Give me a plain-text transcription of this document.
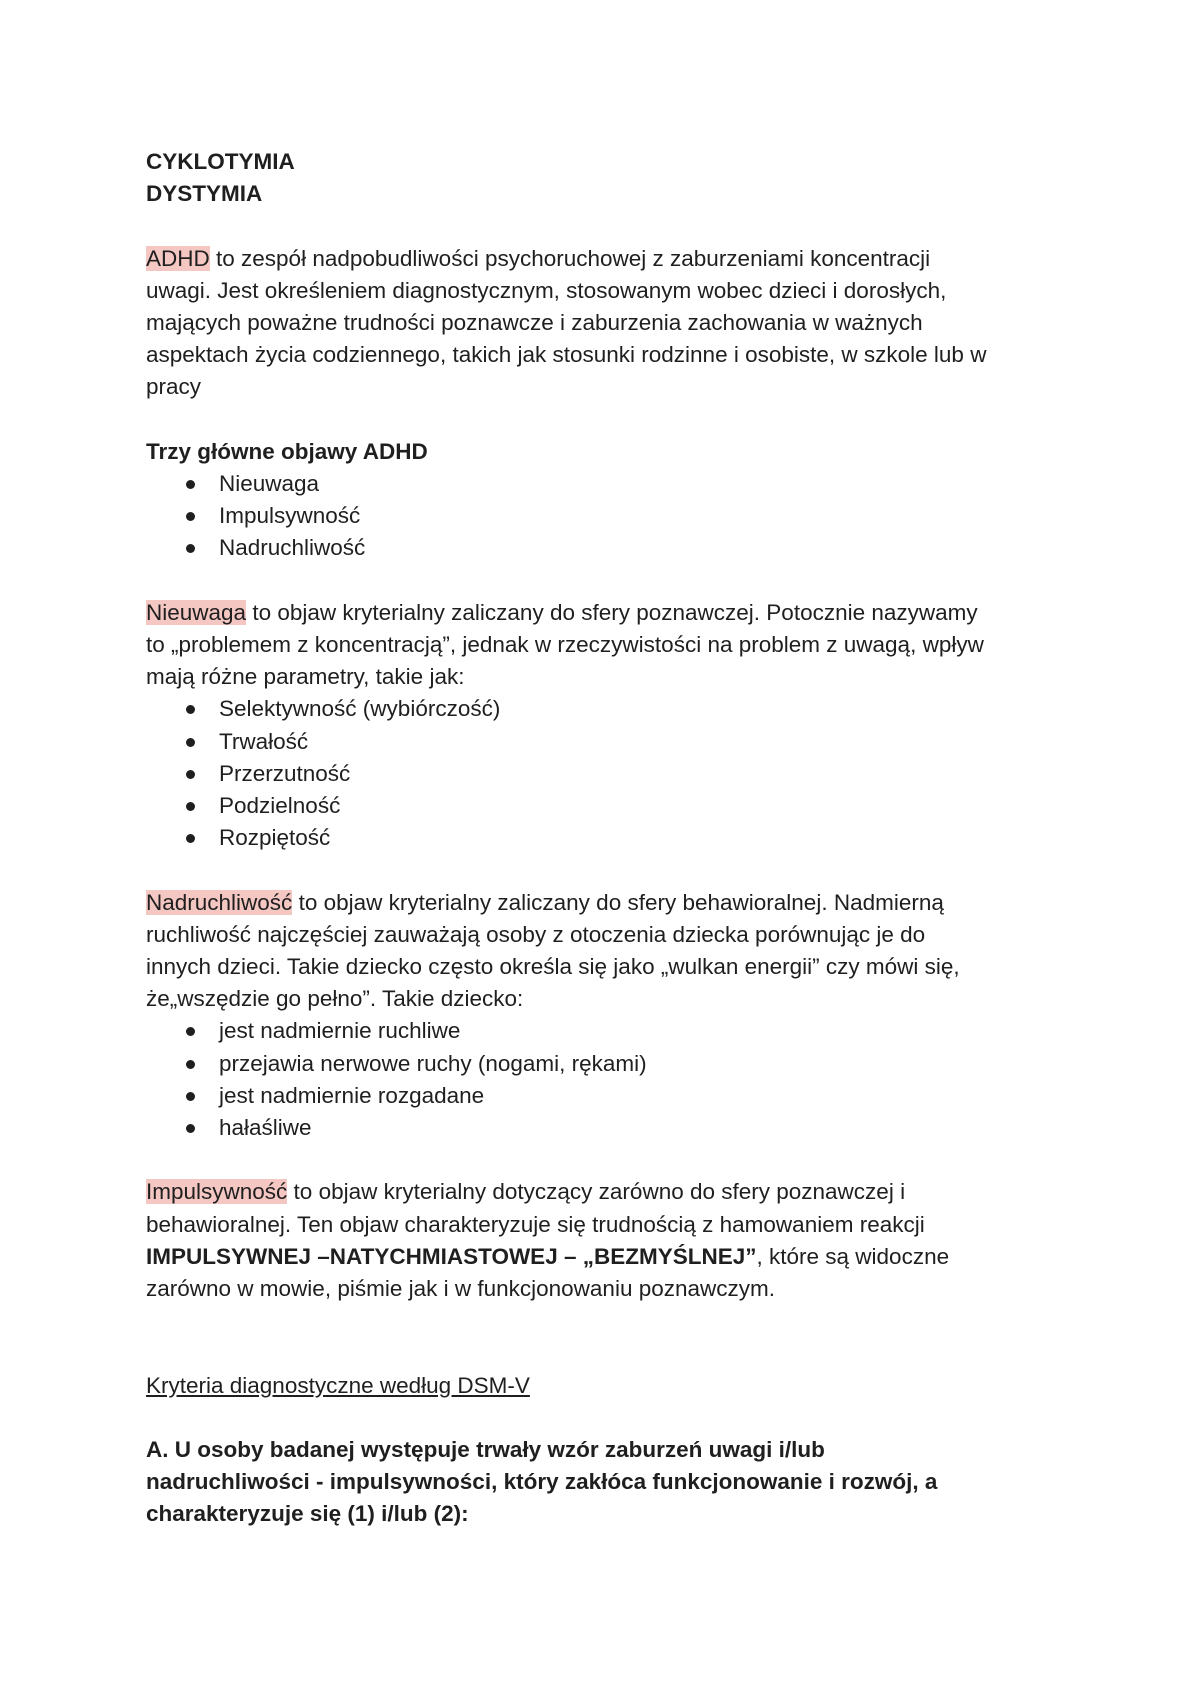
CYKLOTYMIA
DYSTYMIA
ADHD to zespół nadpobudliwości psychoruchowej z zaburzeniami koncentracji
uwagi. Jest określeniem diagnostycznym, stosowanym wobec dzieci i dorosłych,
mających poważne trudności poznawcze i zaburzenia zachowania w ważnych
aspektach życia codziennego, takich jak stosunki rodzinne i osobiste, w szkole lub w
pracy
Trzy główne objawy ADHD
Nieuwaga
Impulsywność
Nadruchliwość
Nieuwaga to objaw kryterialny zaliczany do sfery poznawczej. Potocznie nazywamy
to „problemem z koncentracją”, jednak w rzeczywistości na problem z uwagą, wpływ
mają różne parametry, takie jak:
Selektywność (wybiórczość)
Trwałość
Przerzutność
Podzielność
Rozpiętość
Nadruchliwość to objaw kryterialny zaliczany do sfery behawioralnej. Nadmierną
ruchliwość najczęściej zauważają osoby z otoczenia dziecka porównując je do
innych dzieci. Takie dziecko często określa się jako „wulkan energii” czy mówi się,
że„wszędzie go pełno”. Takie dziecko:
jest nadmiernie ruchliwe
przejawia nerwowe ruchy (nogami, rękami)
jest nadmiernie rozgadane
hałaśliwe
Impulsywność to objaw kryterialny dotyczący zarówno do sfery poznawczej i
behawioralnej. Ten objaw charakteryzuje się trudnością z hamowaniem reakcji
IMPULSYWNEJ –NATYCHMIASTOWEJ – „BEZMYŚLNEJ”, które są widoczne
zarówno w mowie, piśmie jak i w funkcjonowaniu poznawczym.
Kryteria diagnostyczne według DSM-V
A. U osoby badanej występuje trwały wzór zaburzeń uwagi i/lub
nadruchliwości - impulsywności, który zakłóca funkcjonowanie i rozwój, a
charakteryzuje się (1) i/lub (2):
